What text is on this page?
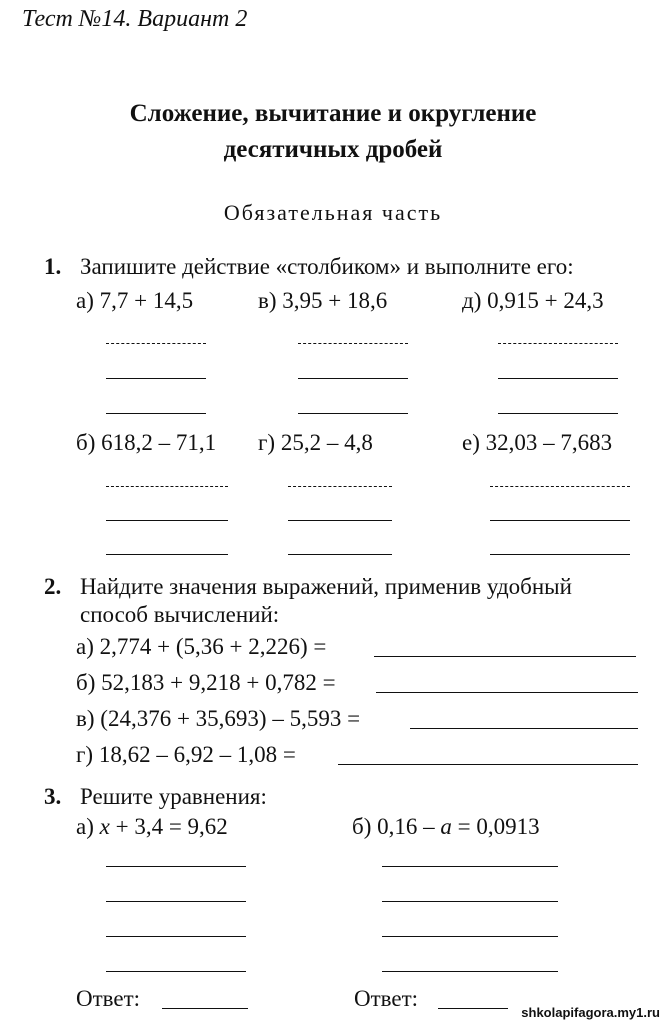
Тест №14. Вариант 2
Сложение, вычитание и округление
десятичных дробей
Обязательная часть
1. Запишите действие «столбиком» и выполните его:
а) 7,7 + 14,5	в) 3,95 + 18,6	д) 0,915 + 24,3
б) 618,2 – 71,1 г) 25,2 – 4,8	е) 32,03 – 7,683
2. Найдите значения выражений, применив удобный
способ вычислений:
а) 2,774 + (5,36 + 2,226) =
б) 52,183 + 9,218 + 0,782 =
в) (24,376 + 35,693) – 5,593 =
г) 18,62 – 6,92 – 1,08 =
3. Решите уравнения:
а) x + 3,4 = 9,62	б) 0,16 – a = 0,0913
Ответ:	Ответ:
shkolapifagora.my1.ru
